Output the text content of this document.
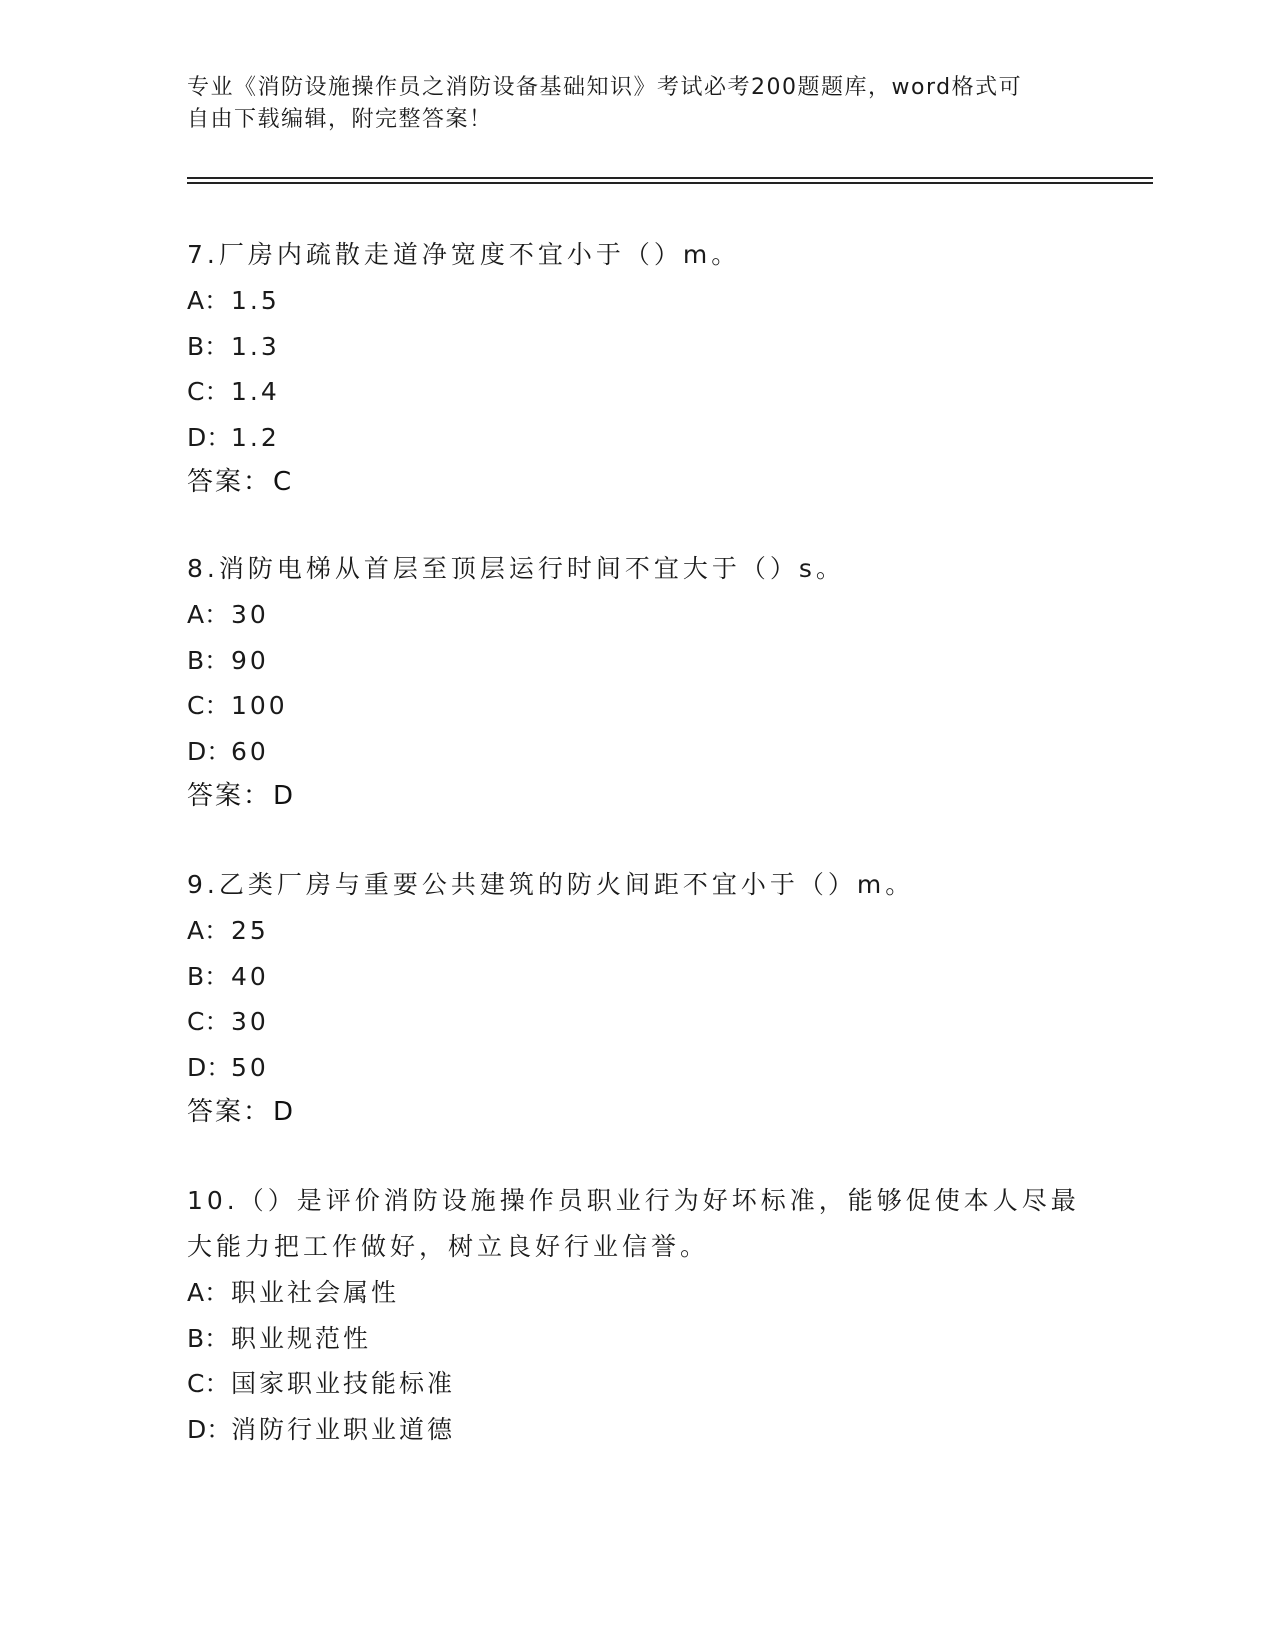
专业《消防设施操作员之消防设备基础知识》考试必考200题题库，word格式可
自由下载编辑，附完整答案！

7.厂房内疏散走道净宽度不宜小于（）m。

A：1.5

B：1.3

C：1.4

D：1.2

答案：C

8.消防电梯从首层至顶层运行时间不宜大于（）s。

A：30

B：90

C：100

D：60

答案：D

9.乙类厂房与重要公共建筑的防火间距不宜小于（）m。

A：25

B：40

C：30

D：50

答案：D

10.（）是评价消防设施操作员职业行为好坏标准，能够促使本人尽最

大能力把工作做好，树立良好行业信誉。

A：职业社会属性

B：职业规范性

C：国家职业技能标准

D：消防行业职业道德
